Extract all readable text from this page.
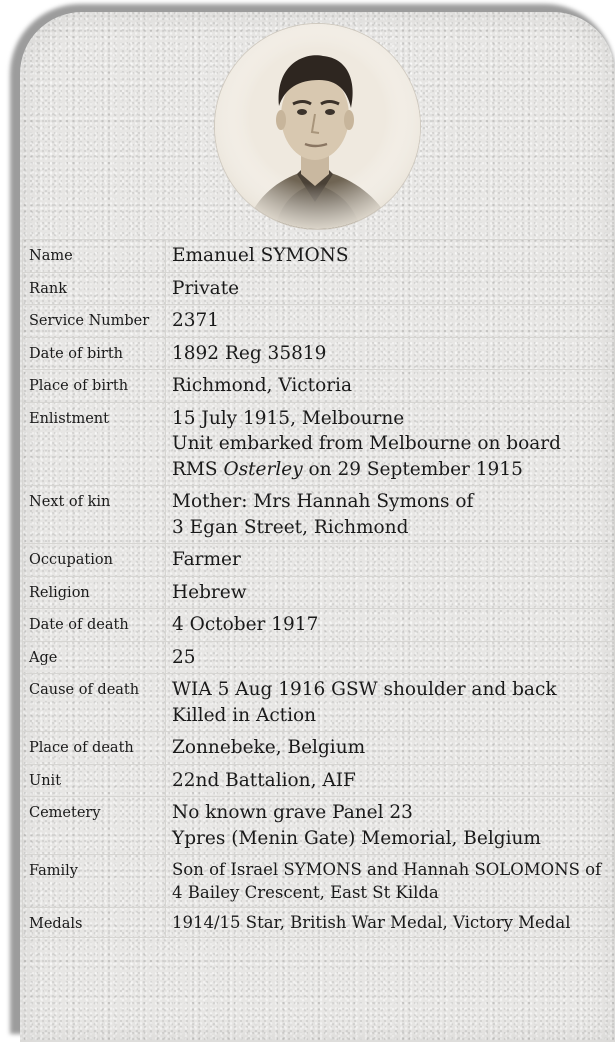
Name	Emanuel SYMONS

Rank	Private

Service Number	2371

Date of birth	1892 Reg 35819

Place of birth	Richmond, Victoria

Enlistment	15 July 1915, Melbourne
Unit embarked from Melbourne on board
RMS Osterley on 29 September 1915

Next of kin	Mother: Mrs Hannah Symons of
3 Egan Street, Richmond

Occupation	Farmer

Religion	Hebrew

Date of death	4 October 1917

Age	25

Cause of death	WIA 5 Aug 1916 GSW shoulder and back
Killed in Action

Place of death	Zonnebeke, Belgium

Unit	22nd Battalion, AIF

Cemetery	No known grave Panel 23
Ypres (Menin Gate) Memorial, Belgium

Family	Son of Israel SYMONS and Hannah SOLOMONS of
4 Bailey Crescent, East St Kilda

Medals	1914/15 Star, British War Medal, Victory Medal
